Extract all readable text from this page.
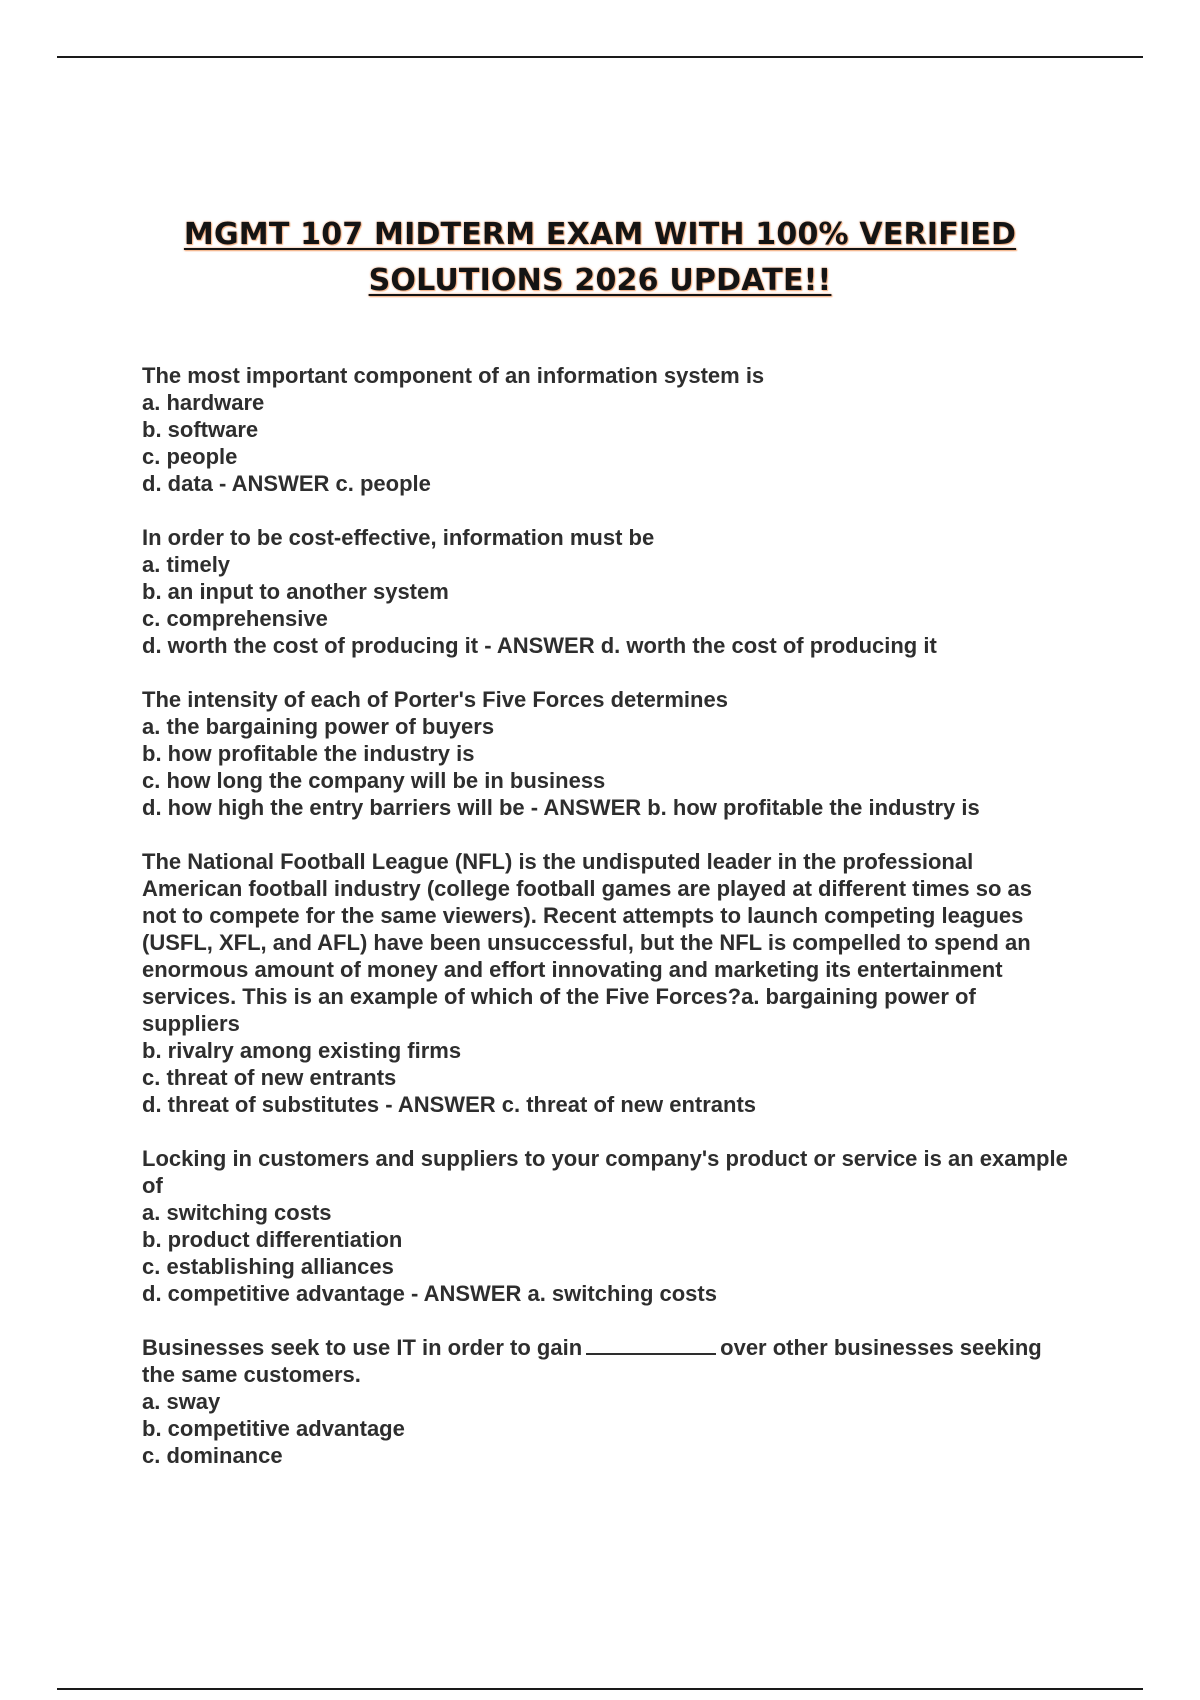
MGMT 107 MIDTERM EXAM WITH 100% VERIFIED
SOLUTIONS 2026 UPDATE!!

The most important component of an information system is

a. hardware

b. software

c. people

d. data - ANSWER c. people

In order to be cost-effective, information must be

a. timely

b. an input to another system

c. comprehensive

d. worth the cost of producing it - ANSWER d. worth the cost of producing it

The intensity of each of Porter's Five Forces determines

a. the bargaining power of buyers

b. how profitable the industry is

c. how long the company will be in business

d. how high the entry barriers will be - ANSWER b. how profitable the industry is

The National Football League (NFL) is the undisputed leader in the professional American football industry (college football games are played at different times so as not to compete for the same viewers). Recent attempts to launch competing leagues (USFL, XFL, and AFL) have been unsuccessful, but the NFL is compelled to spend an enormous amount of money and effort innovating and marketing its entertainment services. This is an example of which of the Five Forces?a. bargaining power of suppliers

b. rivalry among existing firms

c. threat of new entrants

d. threat of substitutes - ANSWER c. threat of new entrants

Locking in customers and suppliers to your company's product or service is an example of

a. switching costs

b. product differentiation

c. establishing alliances

d. competitive advantage - ANSWER a. switching costs

Businesses seek to use IT in order to gain	over other businesses seeking the same customers.

a. sway

b. competitive advantage

c. dominance
